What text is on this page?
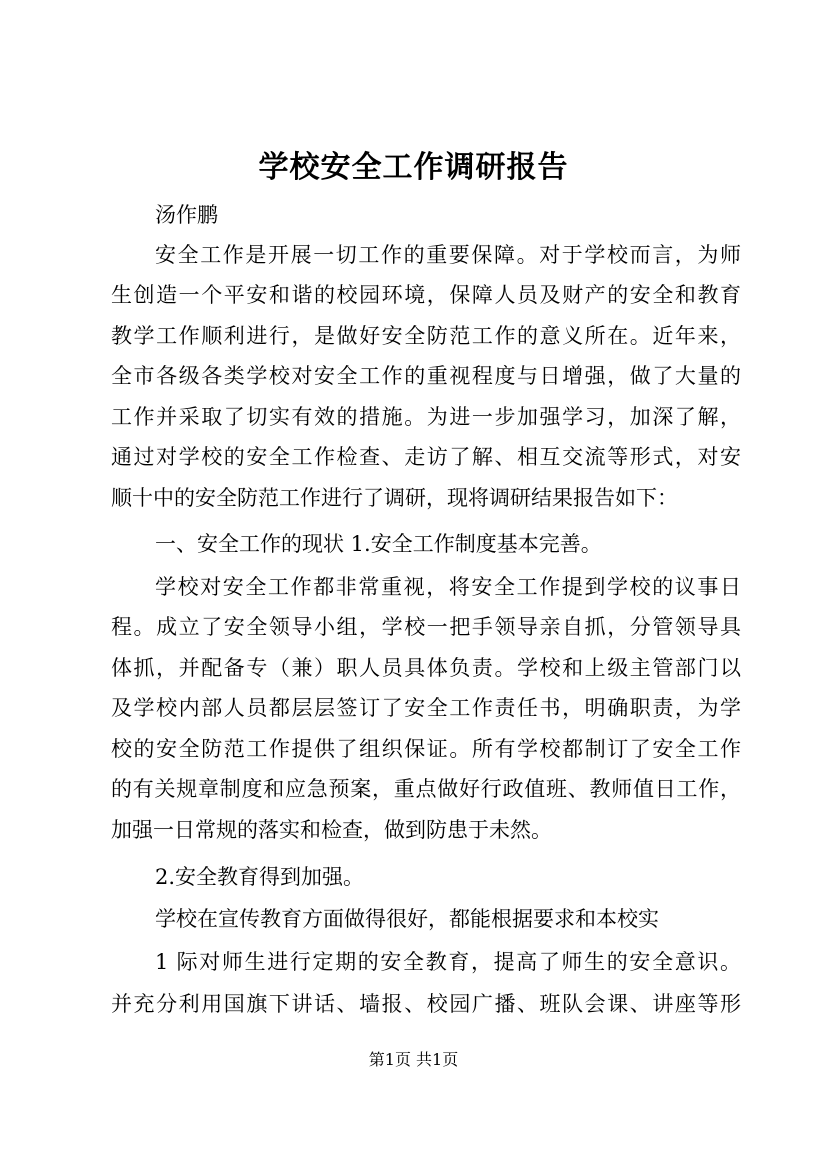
学校安全工作调研报告
汤作鹏
安全工作是开展一切工作的重要保障。对于学校而言，为师
生创造一个平安和谐的校园环境，保障人员及财产的安全和教育
教学工作顺利进行，是做好安全防范工作的意义所在。近年来，
全市各级各类学校对安全工作的重视程度与日增强，做了大量的
工作并采取了切实有效的措施。为进一步加强学习，加深了解，
通过对学校的安全工作检查、走访了解、相互交流等形式，对安
顺十中的安全防范工作进行了调研，现将调研结果报告如下：
一、安全工作的现状 1.安全工作制度基本完善。
学校对安全工作都非常重视，将安全工作提到学校的议事日
程。成立了安全领导小组，学校一把手领导亲自抓，分管领导具
体抓，并配备专（兼）职人员具体负责。学校和上级主管部门以
及学校内部人员都层层签订了安全工作责任书，明确职责，为学
校的安全防范工作提供了组织保证。所有学校都制订了安全工作
的有关规章制度和应急预案，重点做好行政值班、教师值日工作，
加强一日常规的落实和检查，做到防患于未然。
2.安全教育得到加强。
学校在宣传教育方面做得很好，都能根据要求和本校实
1 际对师生进行定期的安全教育，提高了师生的安全意识。
并充分利用国旗下讲话、墙报、校园广播、班队会课、讲座等形
第1页 共1页
